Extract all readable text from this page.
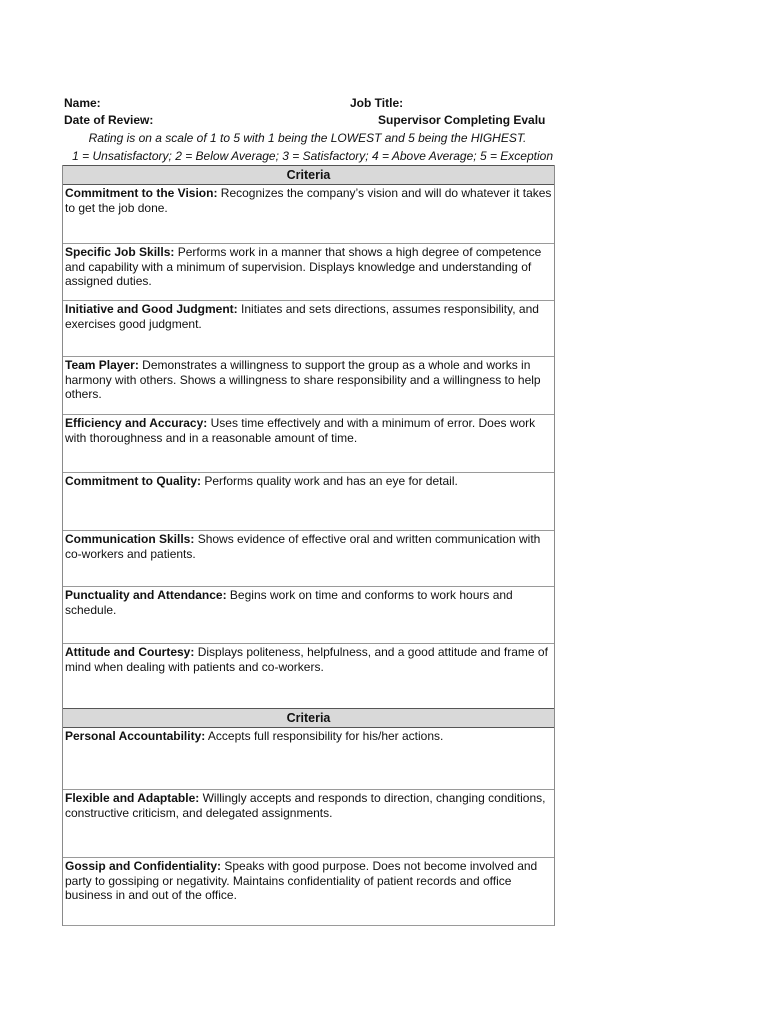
Name:	Job Title:
Date of Review:	Supervisor Completing Evalu
Rating is on a scale of 1 to 5 with 1 being the LOWEST and 5 being the HIGHEST.
1 = Unsatisfactory; 2 = Below Average; 3 = Satisfactory; 4 = Above Average; 5 = Exception
Criteria
Commitment to the Vision: Recognizes the company’s vision and will do whatever it takes to get the job done.
Specific Job Skills: Performs work in a manner that shows a high degree of competence and capability with a minimum of supervision. Displays knowledge and understanding of assigned duties.
Initiative and Good Judgment: Initiates and sets directions, assumes responsibility, and exercises good judgment.
Team Player: Demonstrates a willingness to support the group as a whole and works in harmony with others. Shows a willingness to share responsibility and a willingness to help others.
Efficiency and Accuracy: Uses time effectively and with a minimum of error. Does work with thoroughness and in a reasonable amount of time.
Commitment to Quality: Performs quality work and has an eye for detail.
Communication Skills: Shows evidence of effective oral and written communication with co-workers and patients.
Punctuality and Attendance: Begins work on time and conforms to work hours and schedule.
Attitude and Courtesy: Displays politeness, helpfulness, and a good attitude and frame of mind when dealing with patients and co-workers.
Criteria
Personal Accountability: Accepts full responsibility for his/her actions.
Flexible and Adaptable: Willingly accepts and responds to direction, changing conditions, constructive criticism, and delegated assignments.
Gossip and Confidentiality: Speaks with good purpose. Does not become involved and party to gossiping or negativity. Maintains confidentiality of patient records and office business in and out of the office.
